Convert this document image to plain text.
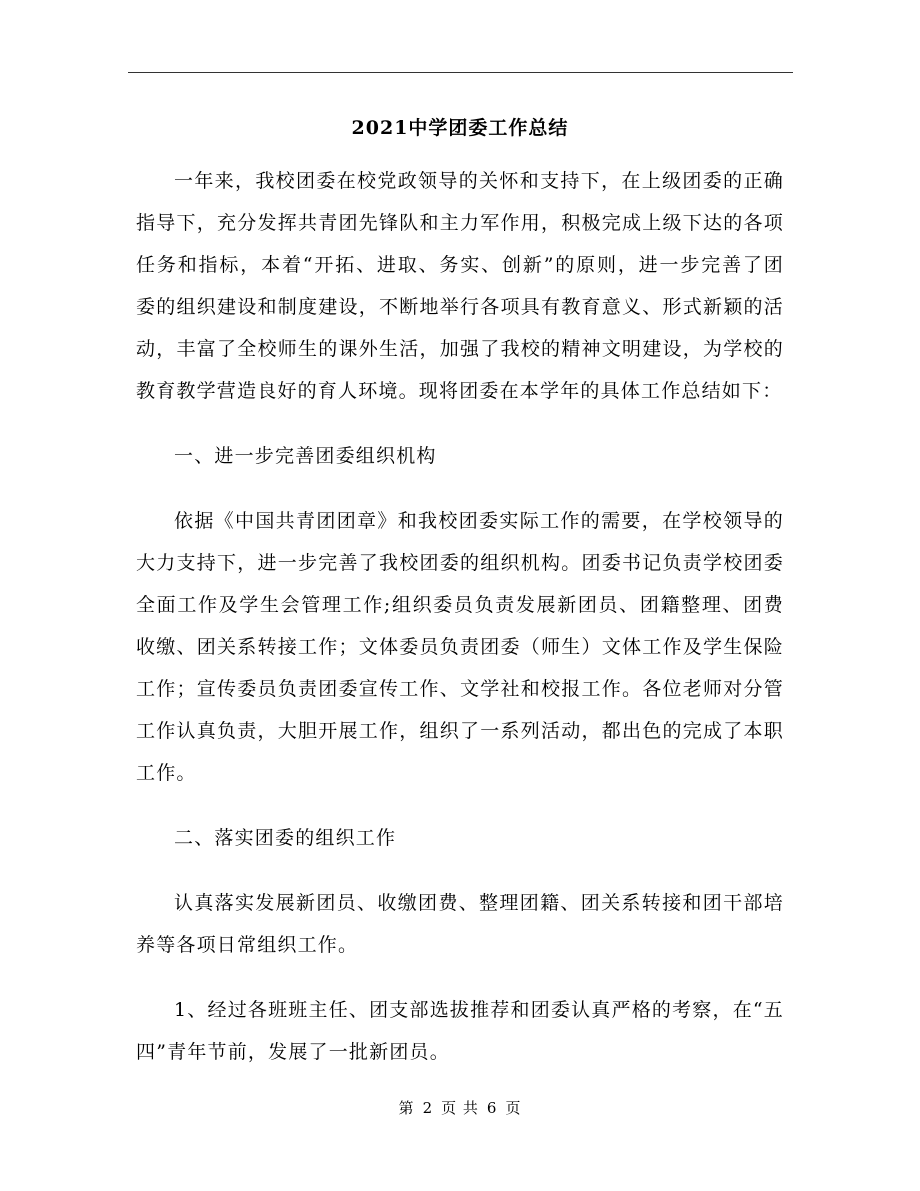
2021中学团委工作总结

一年来，我校团委在校党政领导的关怀和支持下，在上级团委的正确指导下，充分发挥共青团先锋队和主力军作用，积极完成上级下达的各项任务和指标，本着“开拓、进取、务实、创新”的原则，进一步完善了团委的组织建设和制度建设，不断地举行各项具有教育意义、形式新颖的活动，丰富了全校师生的课外生活，加强了我校的精神文明建设，为学校的教育教学营造良好的育人环境。现将团委在本学年的具体工作总结如下：

一、进一步完善团委组织机构

依据《中国共青团团章》和我校团委实际工作的需要，在学校领导的大力支持下，进一步完善了我校团委的组织机构。团委书记负责学校团委全面工作及学生会管理工作;组织委员负责发展新团员、团籍整理、团费收缴、团关系转接工作；文体委员负责团委（师生）文体工作及学生保险工作；宣传委员负责团委宣传工作、文学社和校报工作。各位老师对分管工作认真负责，大胆开展工作，组织了一系列活动，都出色的完成了本职工作。

二、落实团委的组织工作

认真落实发展新团员、收缴团费、整理团籍、团关系转接和团干部培养等各项日常组织工作。

1、经过各班班主任、团支部选拔推荐和团委认真严格的考察，在“五四”青年节前，发展了一批新团员。

第 2 页 共 6 页
